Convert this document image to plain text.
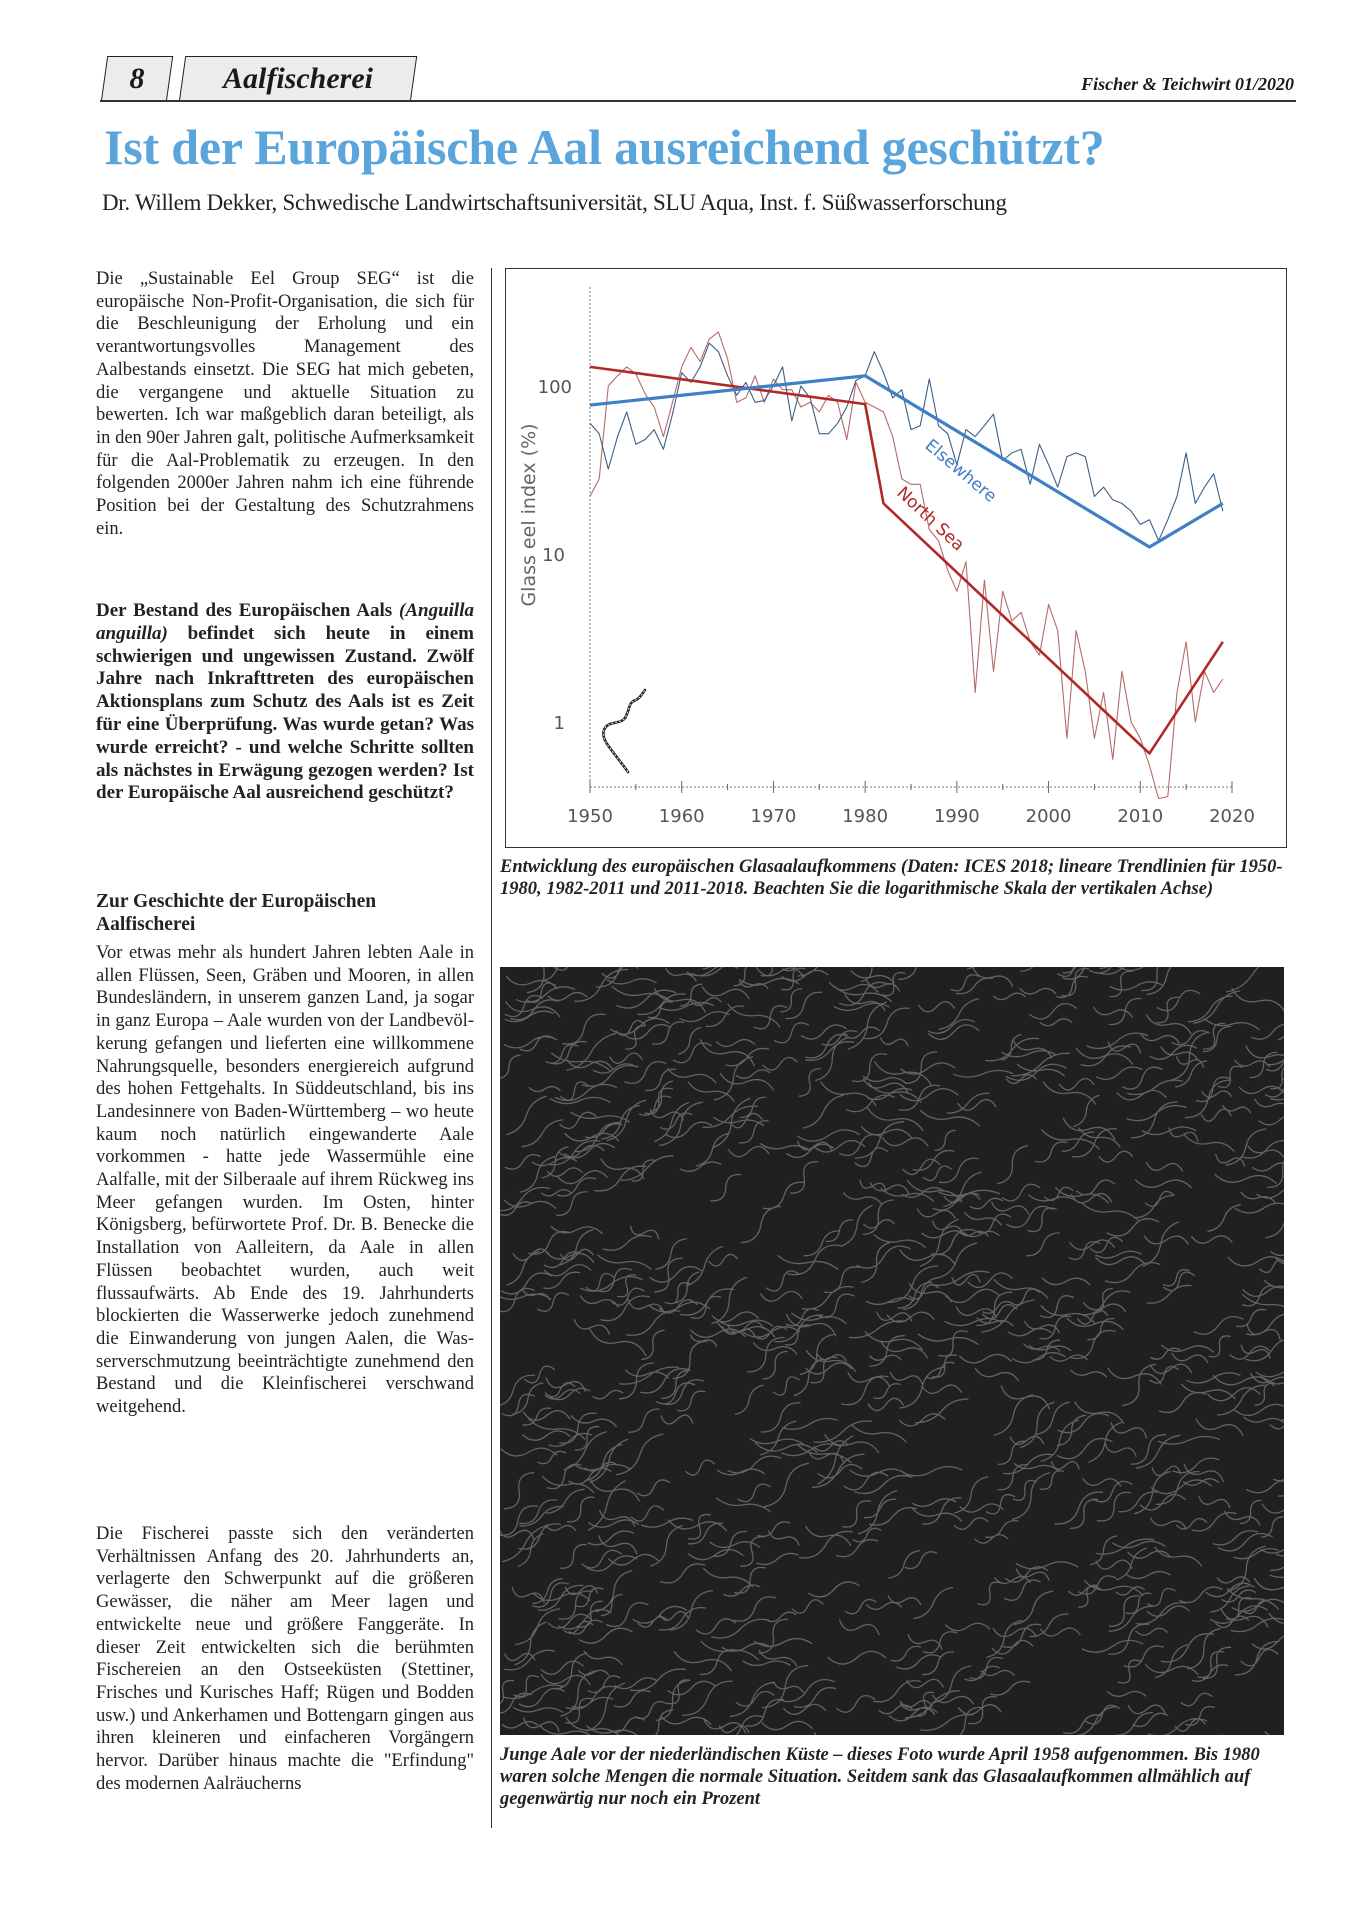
8	Aalfischerei	Fischer & Teichwirt 01/2020
Ist der Europäische Aal ausreichend geschützt?
Dr. Willem Dekker, Schwedische Landwirtschaftsuniversität, SLU Aqua, Inst. f. Süßwasserforschung

Die „Sustainable Eel Group SEG“ ist die europäische Non-Profit-Organisation, die sich für die Beschleunigung der Erholung und ein verantwortungsvolles Management des Aalbestands einsetzt. Die SEG hat mich gebeten, die vergangene und aktuelle Situation zu bewerten. Ich war maßgeblich daran beteiligt, als in den 90er Jahren galt, politische Aufmerksamkeit für die Aal-Problematik zu erzeugen. In den folgenden 2000er Jahren nahm ich eine führende Position bei der Gestaltung des Schutzrahmens ein.

Der Bestand des Europäischen Aals (Anguilla anguilla) befindet sich heute in einem schwierigen und ungewissen Zustand. Zwölf Jahre nach Inkrafttreten des europäischen Aktionsplans zum Schutz des Aals ist es Zeit für eine Überprüfung. Was wurde getan? Was wurde erreicht? - und welche Schritte sollten als nächstes in Erwägung gezogen werden? Ist der Europäische Aal ausreichend geschützt?

Zur Geschichte der Europäischen Aalfischerei

Vor etwas mehr als hundert Jahren lebten Aale in allen Flüssen, Seen, Gräben und Mooren, in allen Bundesländern, in unserem ganzen Land, ja sogar in ganz Europa – Aale wurden von der Landbevölkerung gefangen und lieferten eine willkommene Nahrungsquelle, besonders energiereich aufgrund des hohen Fettgehalts. In Süddeutschland, bis ins Landesinnere von Baden-Württemberg – wo heute kaum noch natürlich eingewanderte Aale vorkommen - hatte jede Wassermühle eine Aalfalle, mit der Silberaale auf ihrem Rückweg ins Meer gefangen wurden. Im Osten, hinter Königsberg, befürwortete Prof. Dr. B. Benecke die Installation von Aalleitern, da Aale in allen Flüssen beobachtet wurden, auch weit flussaufwärts. Ab Ende des 19. Jahrhunderts blockierten die Wasserwerke jedoch zunehmend die Einwanderung von jungen Aalen, die Wasserverschmutzung beeinträchtigte zunehmend den Bestand und die Kleinfischerei verschwand weitgehend.

Die Fischerei passte sich den veränderten Verhältnissen Anfang des 20. Jahrhunderts an, verlagerte den Schwerpunkt auf die größeren Gewässer, die näher am Meer lagen und entwickelte neue und größere Fanggeräte. In dieser Zeit entwickelten sich die berühmten Fischereien an den Ostseeküsten (Stettiner, Frisches und Kurisches Haff; Rügen und Bodden usw.) und Ankerhamen und Bottengarn gingen aus ihren kleineren und einfacheren Vorgängern hervor. Darüber hinaus machte die "Erfindung" des modernen Aalräucherns

1950	1960	1970	1980	1990	2000	2010	2020
1
10
100
Glass eel index (%)	Elsewhere
North Sea
Entwicklung des europäischen Glasaalaufkommens (Daten: ICES 2018; lineare Trendlinien für 1950-1980, 1982-2011 und 2011-2018. Beachten Sie die logarithmische Skala der vertikalen Achse)
Junge Aale vor der niederländischen Küste – dieses Foto wurde April 1958 aufgenommen. Bis 1980 waren solche Mengen die normale Situation. Seitdem sank das Glasaalaufkommen allmählich auf gegenwärtig nur noch ein Prozent
